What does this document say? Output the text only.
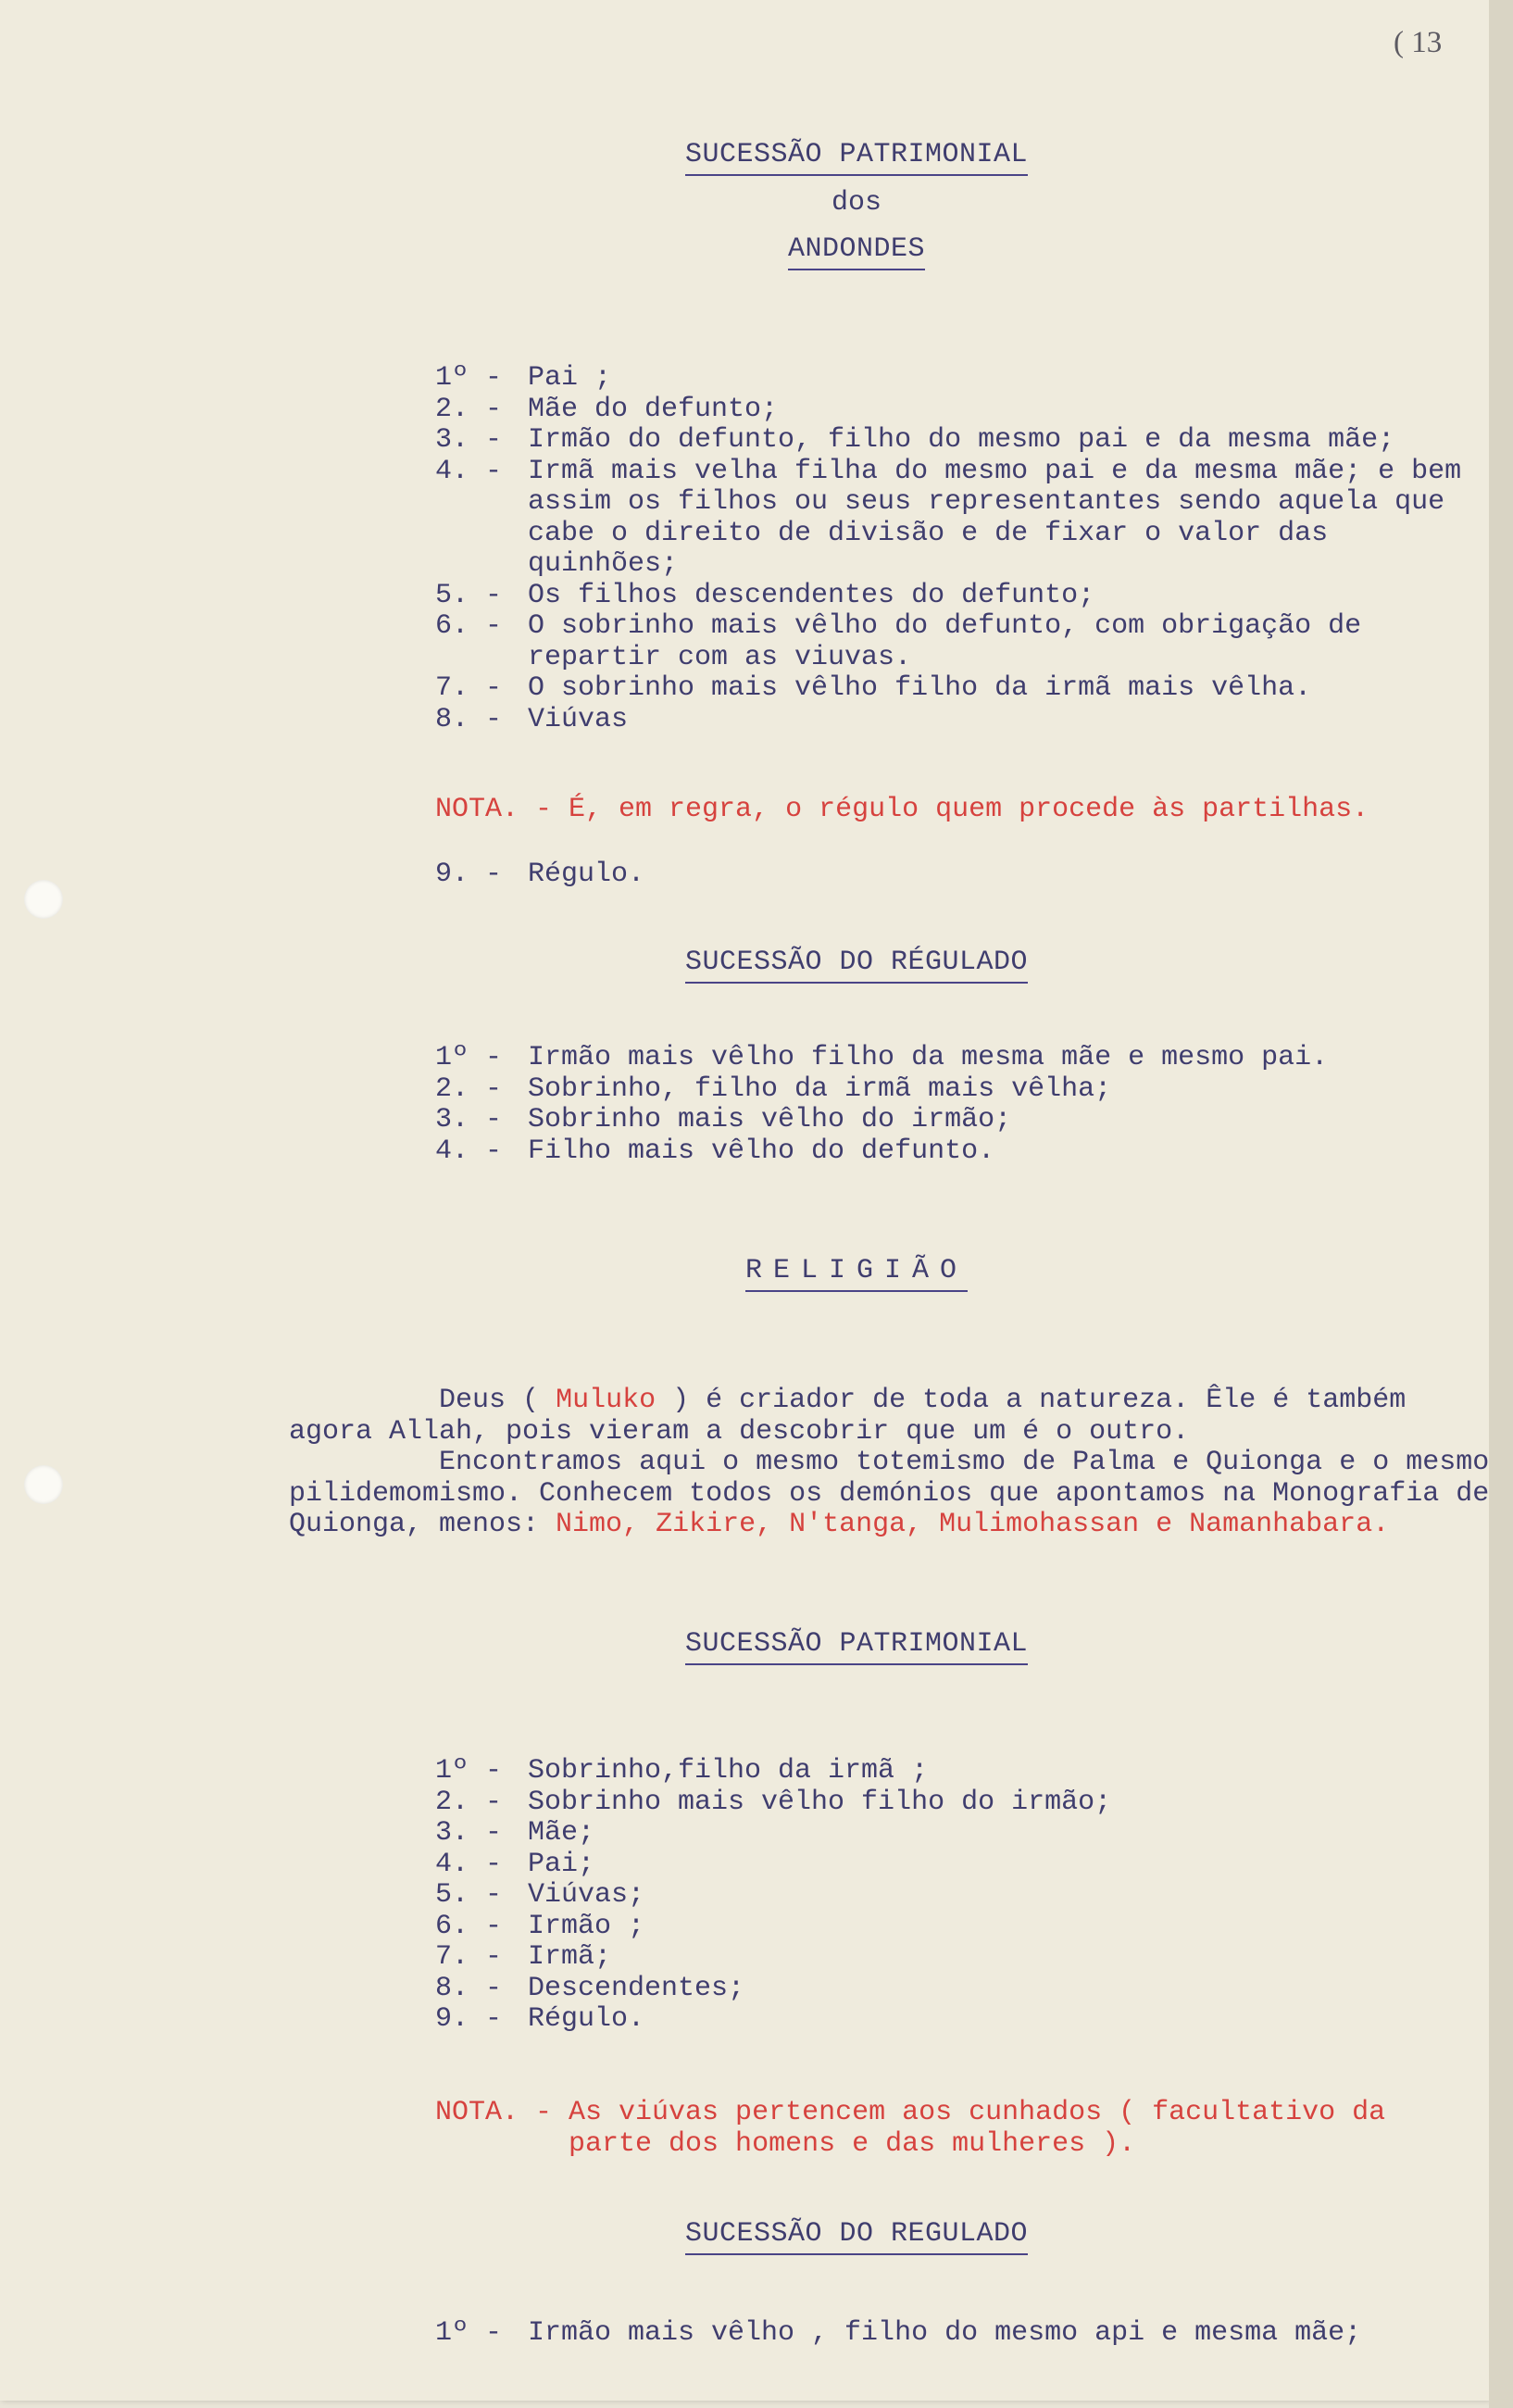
( 13
SUCESSÃO PATRIMONIAL
dos
ANDONDES
1º - Pai ;
2. - Mãe do defunto;
3. - Irmão do defunto, filho do mesmo pai e da mesma mãe;
4. - Irmã mais velha filha do mesmo pai e da mesma mãe; e bem assim os filhos ou seus representantes sendo aquela que cabe o direito de divisão e de fixar o valor das quinhões;
5. - Os filhos descendentes do defunto;
6. - O sobrinho mais vêlho do defunto, com obrigação de repartir com as viuvas.
7. - O sobrinho mais vêlho filho da irmã mais vêlha.
8. - Viúvas
NOTA. - É, em regra, o régulo quem procede às partilhas.
9. - Régulo.
SUCESSÃO DO RÉGULADO
1º - Irmão mais vêlho filho da mesma mãe e mesmo pai.
2. - Sobrinho, filho da irmã mais vêlha;
3. - Sobrinho mais vêlho do irmão;
4. - Filho mais vêlho do defunto.
RELIGIÃO
Deus ( Muluko ) é criador de toda a natureza. Êle é também agora Allah, pois vieram a descobrir que um é o outro.
Encontramos aqui o mesmo totemismo de Palma e Quionga e o mesmo pilidemomismo. Conhecem todos os demónios que apontamos na Monografia de Quionga, menos: Nimo, Zikire, N'tanga, Mulimohassan e Namanhabara.
SUCESSÃO PATRIMONIAL
1º - Sobrinho,filho da irmã ;
2. - Sobrinho mais vêlho filho do irmão;
3. - Mãe;
4. - Pai;
5. - Viúvas;
6. - Irmão ;
7. - Irmã;
8. - Descendentes;
9. - Régulo.
NOTA. - As viúvas pertencem aos cunhados ( facultativo da parte dos homens e das mulheres ).
SUCESSÃO DO REGULADO
1º - Irmão mais vêlho , filho do mesmo api e mesma mãe;
